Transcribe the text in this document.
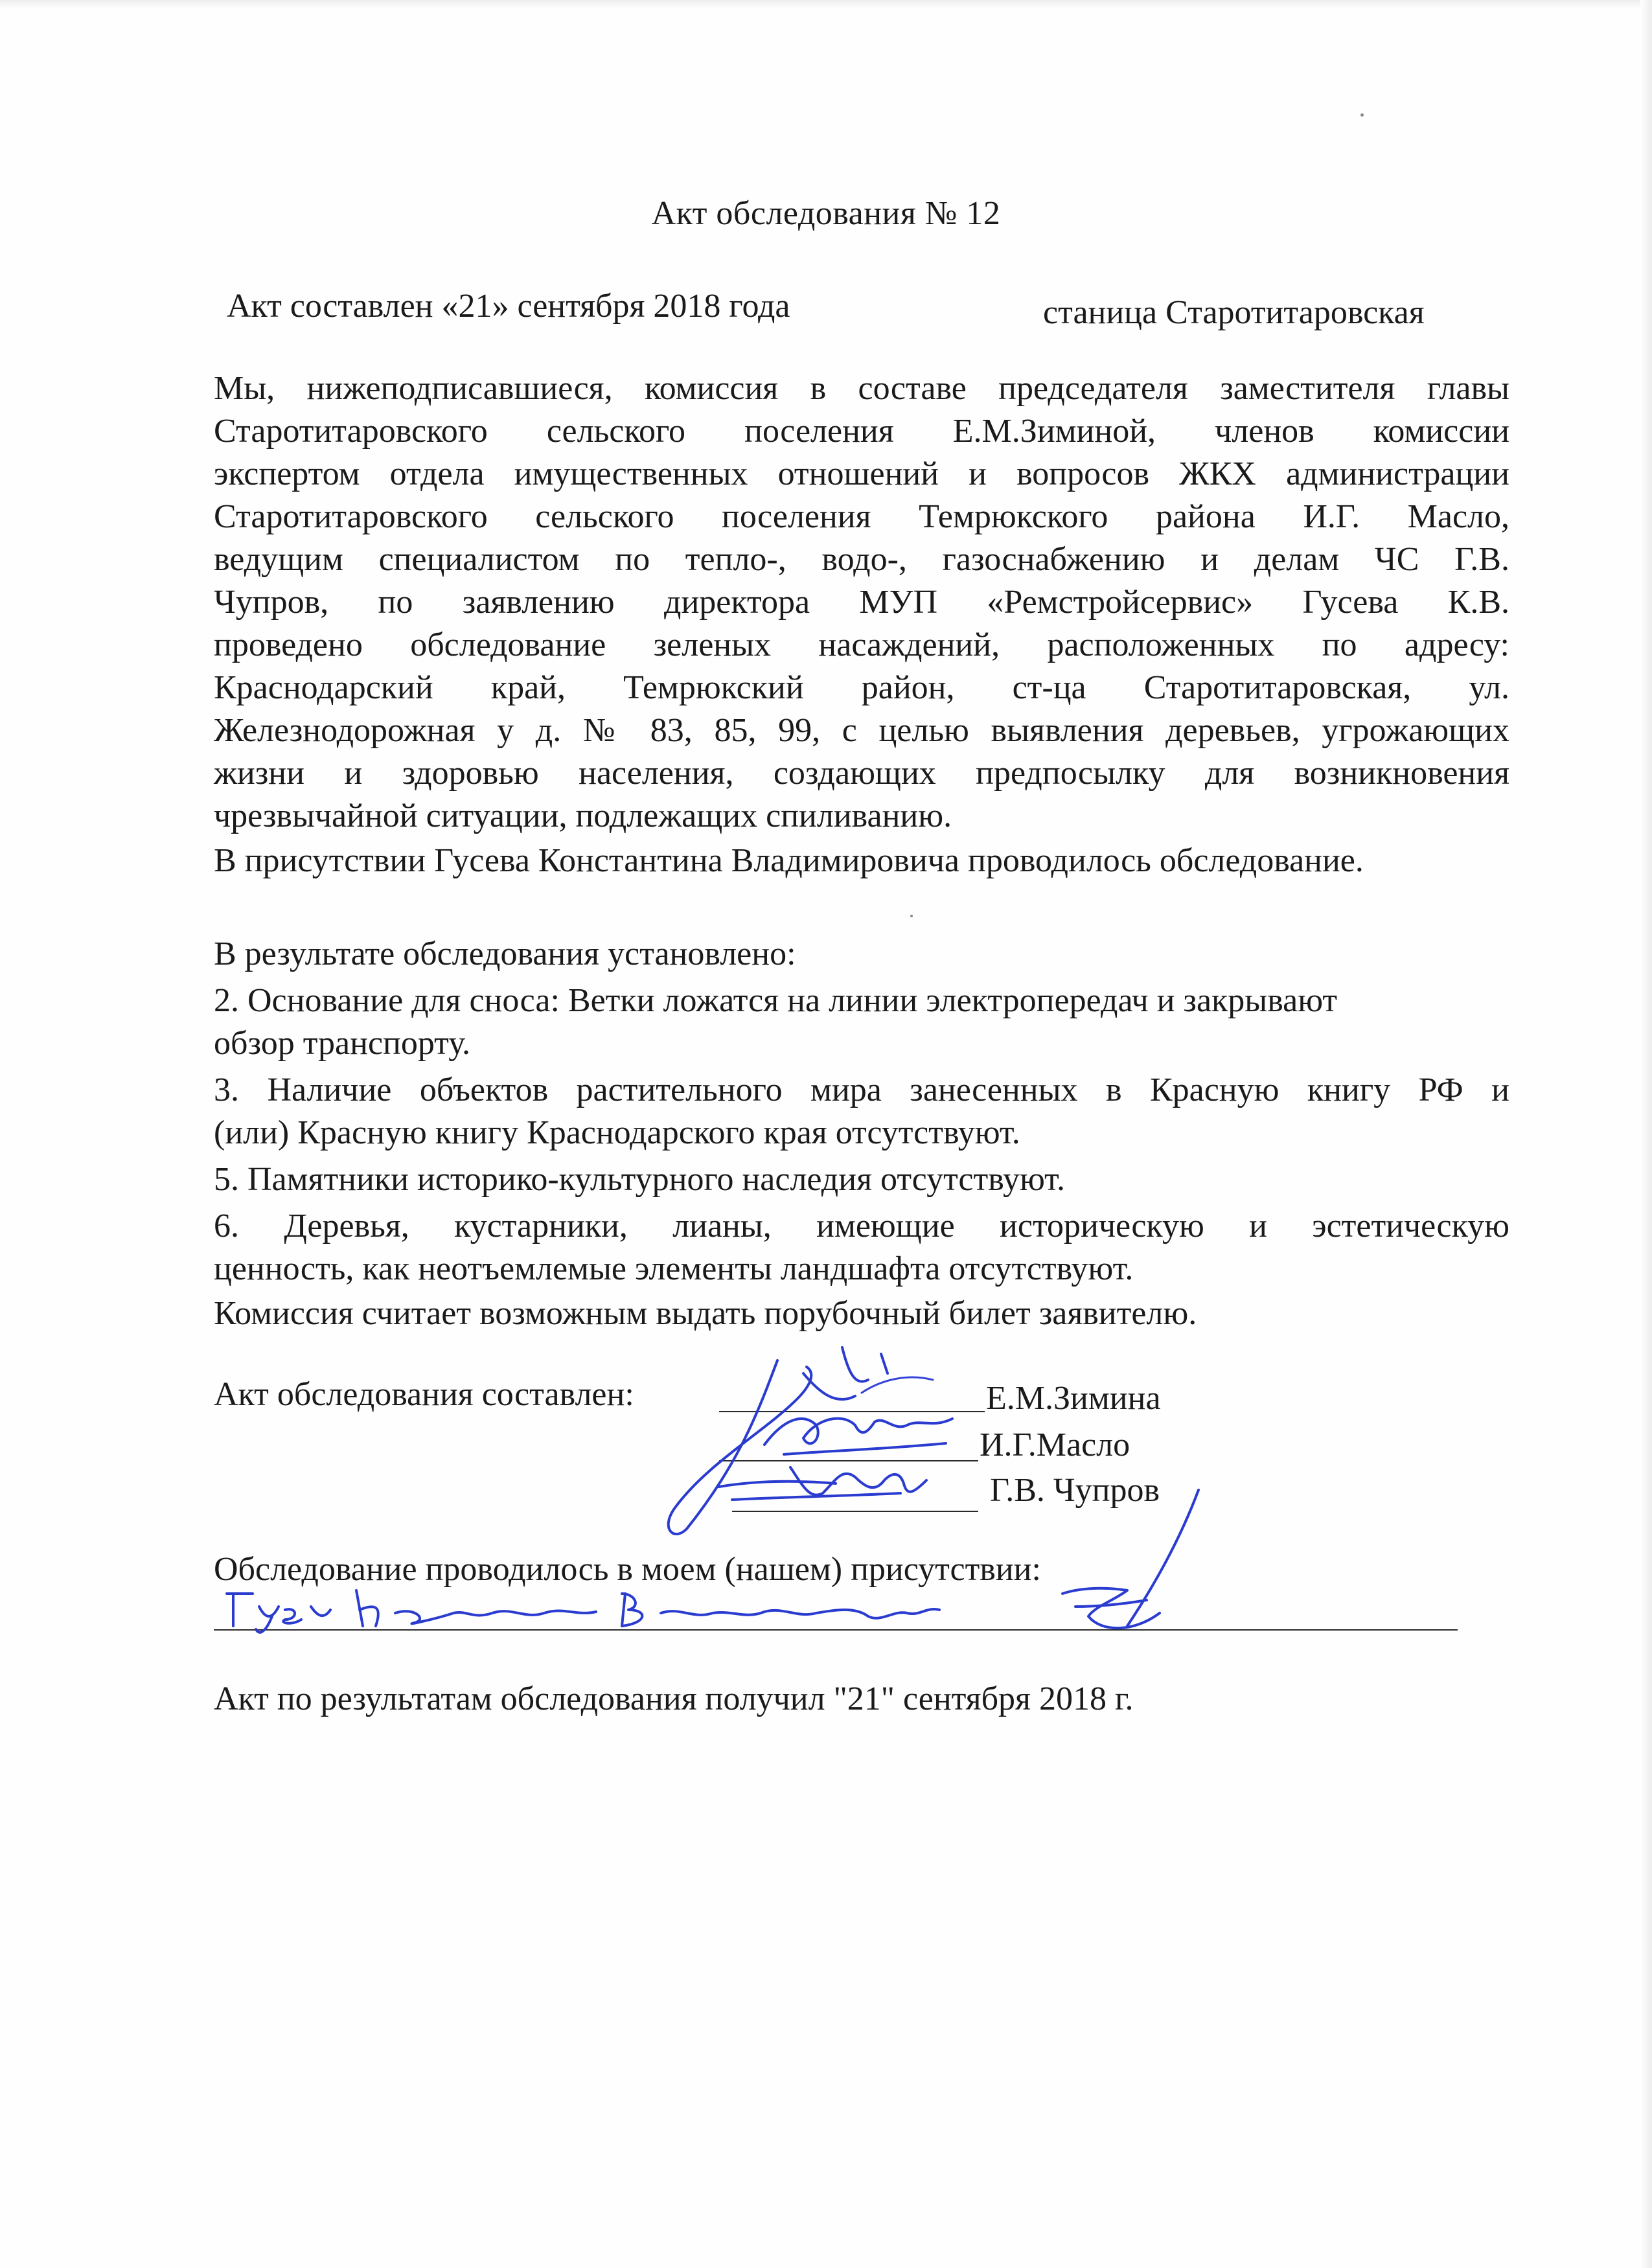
Акт обследования № 12
Акт составлен «21» сентября 2018 года	станица Старотитаровская
Мы, нижеподписавшиеся, комиссия в составе председателя заместителя главы
Старотитаровского сельского поселения Е.М.Зиминой, членов комиссии
экспертом отдела имущественных отношений и вопросов ЖКХ администрации
Старотитаровского сельского поселения Темрюкского района И.Г. Масло,
ведущим специалистом по тепло-, водо-, газоснабжению и делам ЧС Г.В.
Чупров, по заявлению директора МУП «Ремстройсервис» Гусева К.В.
проведено обследование зеленых насаждений, расположенных по адресу:
Краснодарский край, Темрюкский район, ст-ца Старотитаровская, ул.
Железнодорожная у д. № 83, 85, 99, с целью выявления деревьев, угрожающих
жизни и здоровью населения, создающих предпосылку для возникновения
чрезвычайной ситуации, подлежащих спиливанию.
В присутствии Гусева Константина Владимировича проводилось обследование.
В результате обследования установлено:
2. Основание для сноса: Ветки ложатся на линии электропередач и закрывают
обзор транспорту.
3. Наличие объектов растительного мира занесенных в Красную книгу РФ и
(или) Красную книгу Краснодарского края отсутствуют.
5. Памятники историко-культурного наследия отсутствуют.
6. Деревья, кустарники, лианы, имеющие историческую и эстетическую
ценность, как неотъемлемые элементы ландшафта отсутствуют.
Комиссия считает возможным выдать порубочный билет заявителю.
Акт обследования составлен:	Е.М.Зимина
И.Г.Масло
Г.В. Чупров
Обследование проводилось в моем (нашем) присутствии:
Акт по результатам обследования получил "21" сентября 2018 г.
